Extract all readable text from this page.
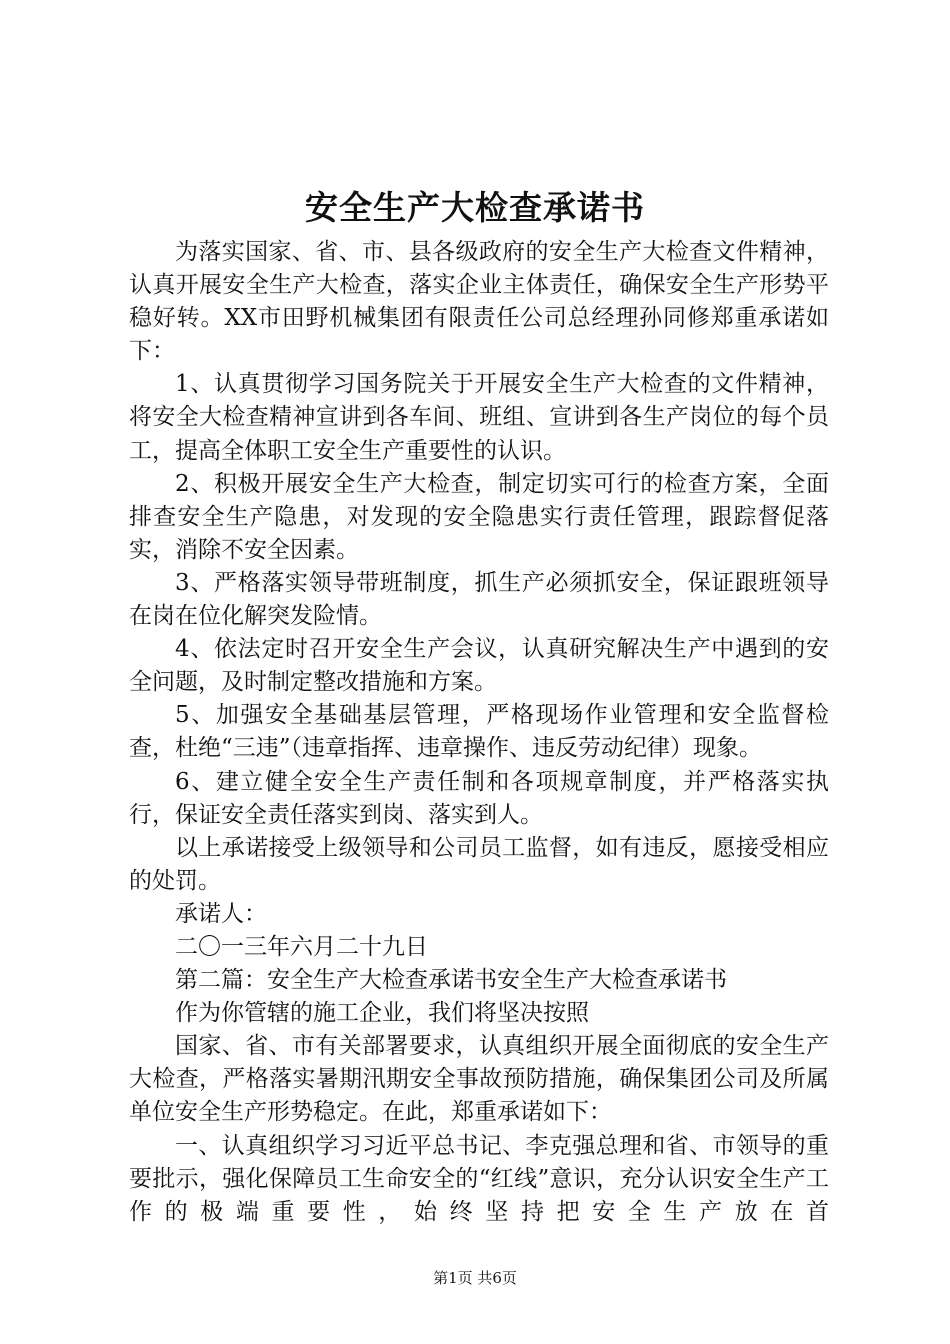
安全生产大检查承诺书

为落实国家、省、市、县各级政府的安全生产大检查文件精神，认真开展安全生产大检查，落实企业主体责任，确保安全生产形势平稳好转。XX市田野机械集团有限责任公司总经理孙同修郑重承诺如下：

1、认真贯彻学习国务院关于开展安全生产大检查的文件精神，将安全大检查精神宣讲到各车间、班组、宣讲到各生产岗位的每个员工，提高全体职工安全生产重要性的认识。

2、积极开展安全生产大检查，制定切实可行的检查方案，全面排查安全生产隐患，对发现的安全隐患实行责任管理，跟踪督促落实，消除不安全因素。

3、严格落实领导带班制度，抓生产必须抓安全，保证跟班领导在岗在位化解突发险情。

4、依法定时召开安全生产会议，认真研究解决生产中遇到的安全问题，及时制定整改措施和方案。

5、加强安全基础基层管理，严格现场作业管理和安全监督检查，杜绝“三违”（违章指挥、违章操作、违反劳动纪律）现象。

6、建立健全安全生产责任制和各项规章制度，并严格落实执行，保证安全责任落实到岗、落实到人。

以上承诺接受上级领导和公司员工监督，如有违反，愿接受相应的处罚。

承诺人：

二〇一三年六月二十九日

第二篇：安全生产大检查承诺书安全生产大检查承诺书

作为你管辖的施工企业，我们将坚决按照

国家、省、市有关部署要求，认真组织开展全面彻底的安全生产大检查，严格落实暑期汛期安全事故预防措施，确保集团公司及所属单位安全生产形势稳定。在此，郑重承诺如下：

一、认真组织学习习近平总书记、李克强总理和省、市领导的重要批示，强化保障员工生命安全的“红线”意识，充分认识安全生产工作的极端重要性，始终坚持把安全生产放在首

第1页 共6页
